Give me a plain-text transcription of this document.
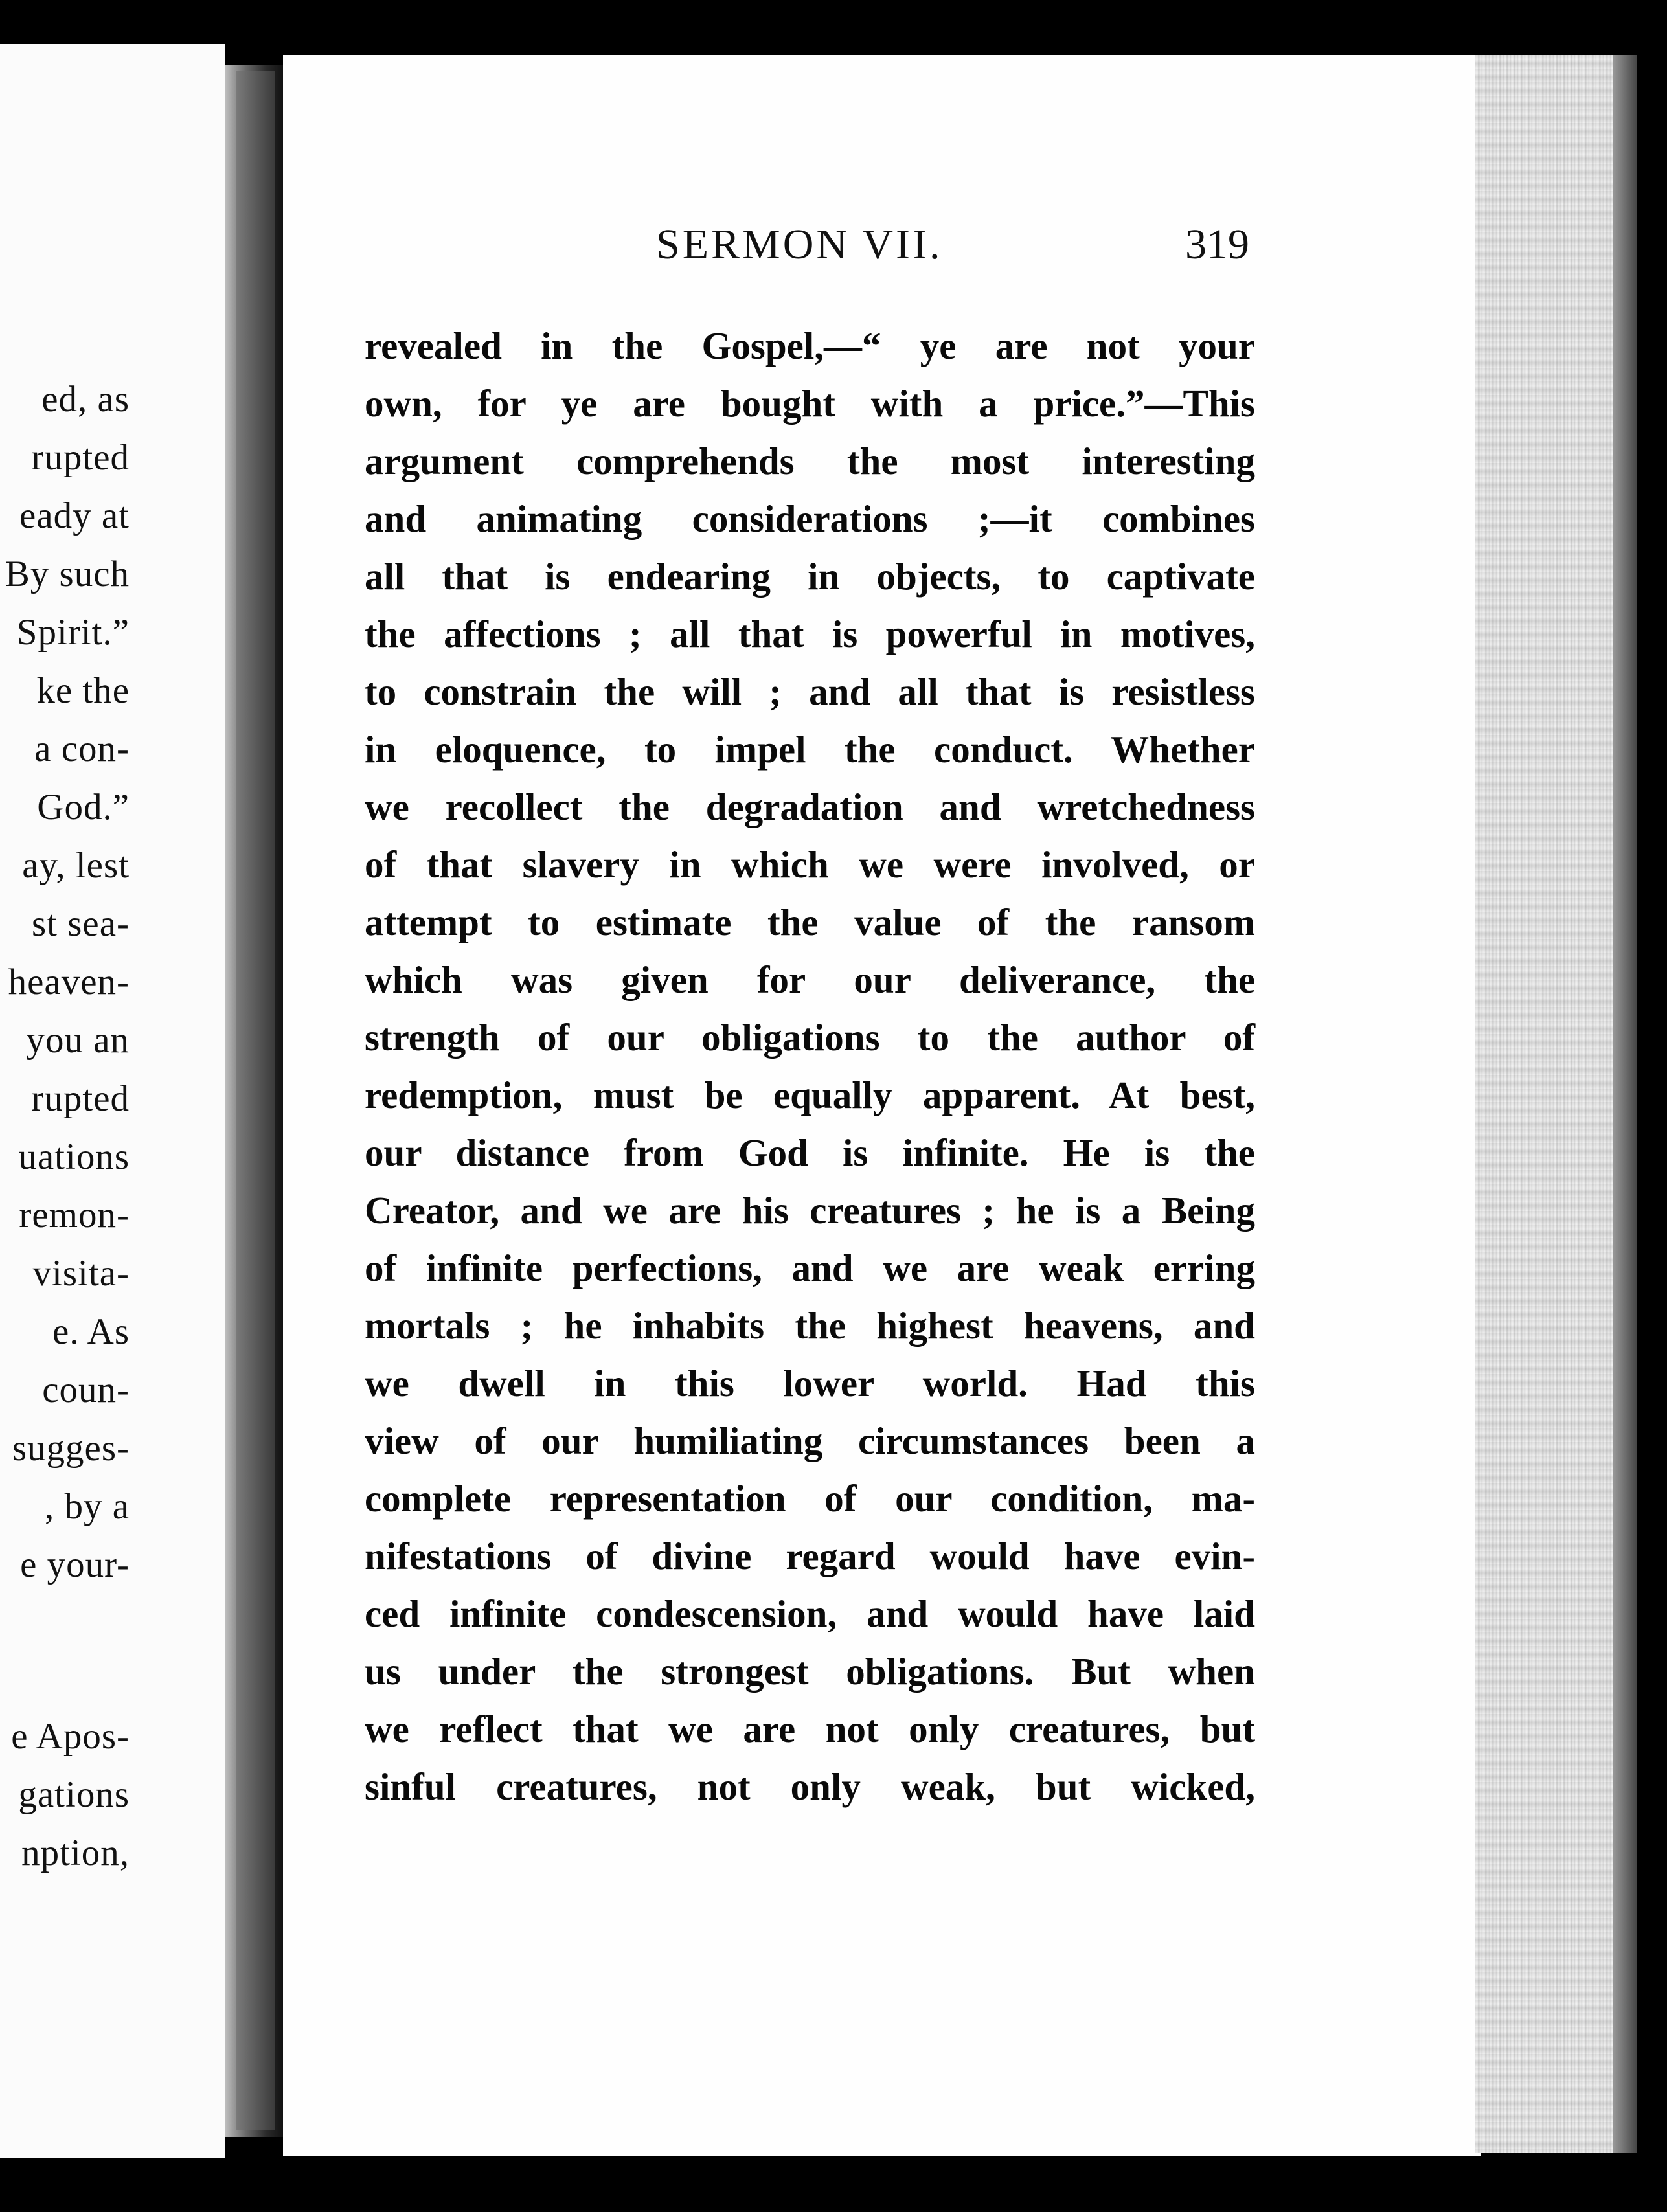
ed, as
rupted
eady at
By such
Spirit.”
ke the
a con-
God.”
ay, lest
st sea-
heaven-
you an
rupted
uations
remon-
visita-
e. As
coun-
sugges-
, by a
e your-
e Apos-
gations
nption,
SERMON VII.	319
revealed in the Gospel,—“ ye are not your
own, for ye are bought with a price.”—This
argument comprehends the most interesting
and animating considerations ;—it combines
all that is endearing in objects, to captivate
the affections ; all that is powerful in motives,
to constrain the will ; and all that is resistless
in eloquence, to impel the conduct. Whether
we recollect the degradation and wretchedness
of that slavery in which we were involved, or
attempt to estimate the value of the ransom
which was given for our deliverance, the
strength of our obligations to the author of
redemption, must be equally apparent. At best,
our distance from God is infinite. He is the
Creator, and we are his creatures ; he is a Being
of infinite perfections, and we are weak erring
mortals ; he inhabits the highest heavens, and
we dwell in this lower world. Had this
view of our humiliating circumstances been a
complete representation of our condition, ma-
nifestations of divine regard would have evin-
ced infinite condescension, and would have laid
us under the strongest obligations. But when
we reflect that we are not only creatures, but
sinful creatures, not only weak, but wicked,
